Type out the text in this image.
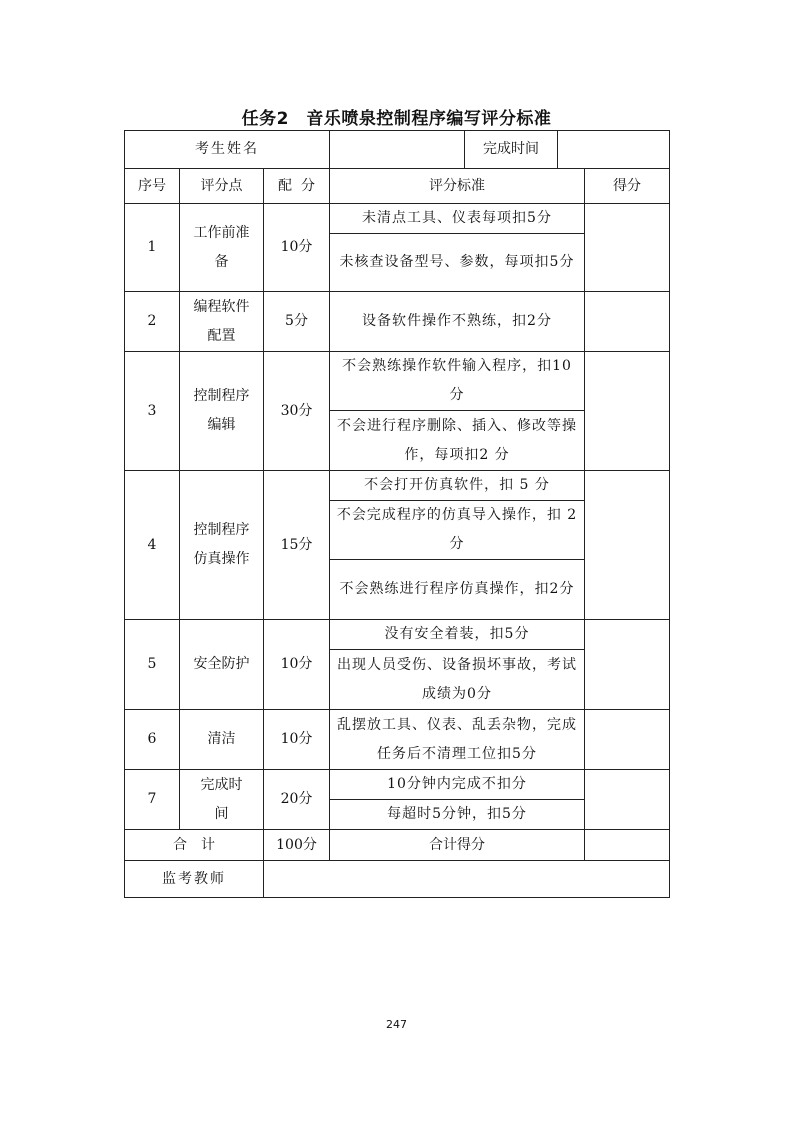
任务2　音乐喷泉控制程序编写评分标准
考生姓名				完成时间		
序号	评分点	配  分	评分标准			得分
1	工作前准备	10分	未清点工具、仪表每项扣5分			
			未核查设备型号、参数，每项扣5分			
2	编程软件配置	5分	设备软件操作不熟练，扣2分			
3	控制程序编辑	30分	不会熟练操作软件输入程序，扣10 分			
			不会进行程序删除、插入、修改等操作，每项扣2 分			
4	控制程序仿真操作	15分	不会打开仿真软件，扣 5 分			
			不会完成程序的仿真导入操作，扣 2分			
			不会熟练进行程序仿真操作，扣2分			
5	安全防护	10分	没有安全着装，扣5分			
			出现人员受伤、设备损坏事故，考试成绩为0分			
6	清洁	10分	乱摆放工具、仪表、乱丢杂物，完成任务后不清理工位扣5分			
7	完成时间	20分	10分钟内完成不扣分			
			每超时5分钟，扣5分			
合　计		100分	合计得分			
监考教师						
247
